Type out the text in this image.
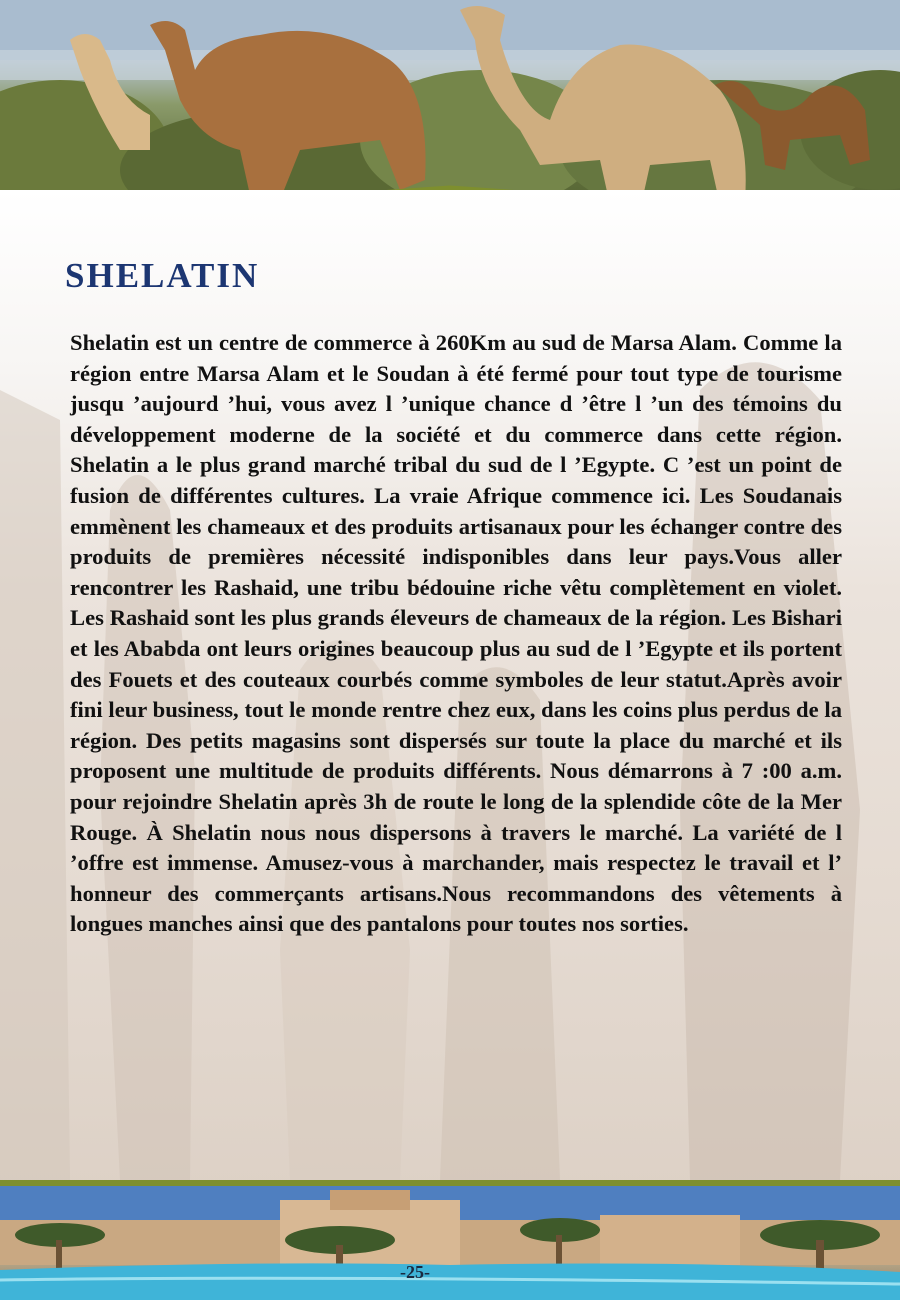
SHELATIN

Shelatin est un centre de commerce à 260Km au sud de Marsa Alam. Comme la région entre Marsa Alam et le Soudan à été fermé pour tout type de tourisme jusqu ’aujourd ’hui, vous avez l ’unique chance d ’être l ’un des témoins du développement moderne de la société et du commerce dans cette région. Shelatin a le plus grand marché tribal du sud de l ’Egypte. C ’est un point de fusion de différentes cultures. La vraie Afrique commence ici. Les Soudanais emmènent les chameaux et des produits artisanaux pour les échanger contre des produits de premières nécessité indisponibles dans leur pays.Vous aller rencontrer les Rashaid, une tribu bédouine riche vêtu complètement en violet. Les Rashaid sont les plus grands éleveurs de chameaux de la région. Les Bishari et les Ababda ont leurs origines beaucoup plus au sud de l ’Egypte et ils portent des Fouets et des couteaux courbés comme symboles de leur statut.Après avoir fini leur business, tout le monde rentre chez eux, dans les coins plus perdus de la région. Des petits magasins sont dispersés sur toute la place du marché et ils proposent une multitude de produits différents. Nous démarrons à 7 :00 a.m. pour rejoindre Shelatin après 3h de route le long de la splendide côte de la Mer Rouge. À Shelatin nous nous dispersons à travers le marché. La variété de l ’offre est immense. Amusez-vous à marchander, mais respectez le travail et l’ honneur des commerçants artisans.Nous recommandons des vêtements à longues manches ainsi que des pantalons pour toutes nos sorties.

-25-
